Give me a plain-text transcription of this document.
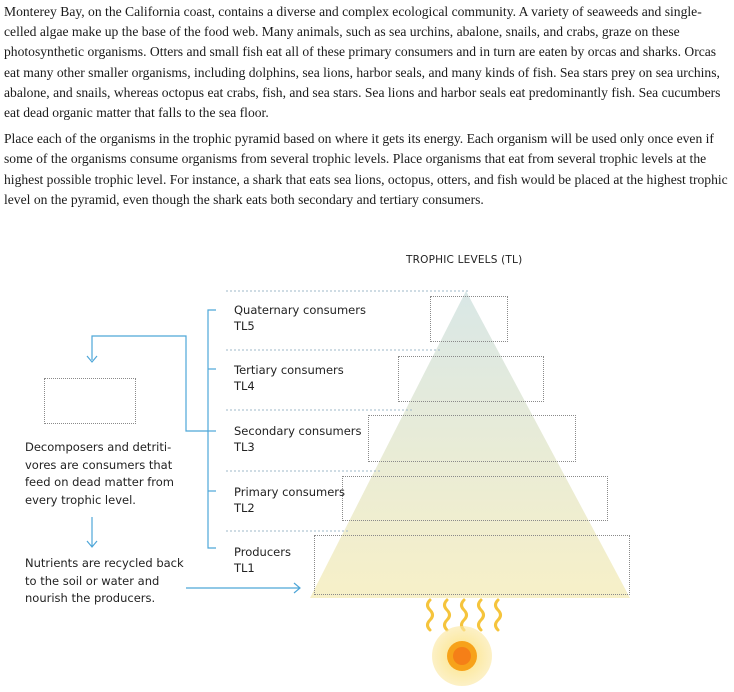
Monterey Bay, on the California coast, contains a diverse and complex ecological community. A variety of seaweeds and single-celled algae make up the base of the food web. Many animals, such as sea urchins, abalone, snails, and crabs, graze on these photosynthetic organisms. Otters and small fish eat all of these primary consumers and in turn are eaten by orcas and sharks. Orcas eat many other smaller organisms, including dolphins, sea lions, harbor seals, and many kinds of fish. Sea stars prey on sea urchins, abalone, and snails, whereas octopus eat crabs, fish, and sea stars. Sea lions and harbor seals eat predominantly fish. Sea cucumbers eat dead organic matter that falls to the sea floor.

Place each of the organisms in the trophic pyramid based on where it gets its energy. Each organism will be used only once even if some of the organisms consume organisms from several trophic levels. Place organisms that eat from several trophic levels at the highest possible trophic level. For instance, a shark that eats sea lions, octopus, otters, and fish would be placed at the highest trophic level on the pyramid, even though the shark eats both secondary and tertiary consumers.

TROPHIC LEVELS (TL)
Quaternary consumers
TL5
Tertiary consumers
TL4
Secondary consumers
TL3
Primary consumers
TL2
Producers
TL1
Decomposers and detriti-
vores are consumers that
feed on dead matter from
every trophic level.
Nutrients are recycled back
to the soil or water and
nourish the producers.
